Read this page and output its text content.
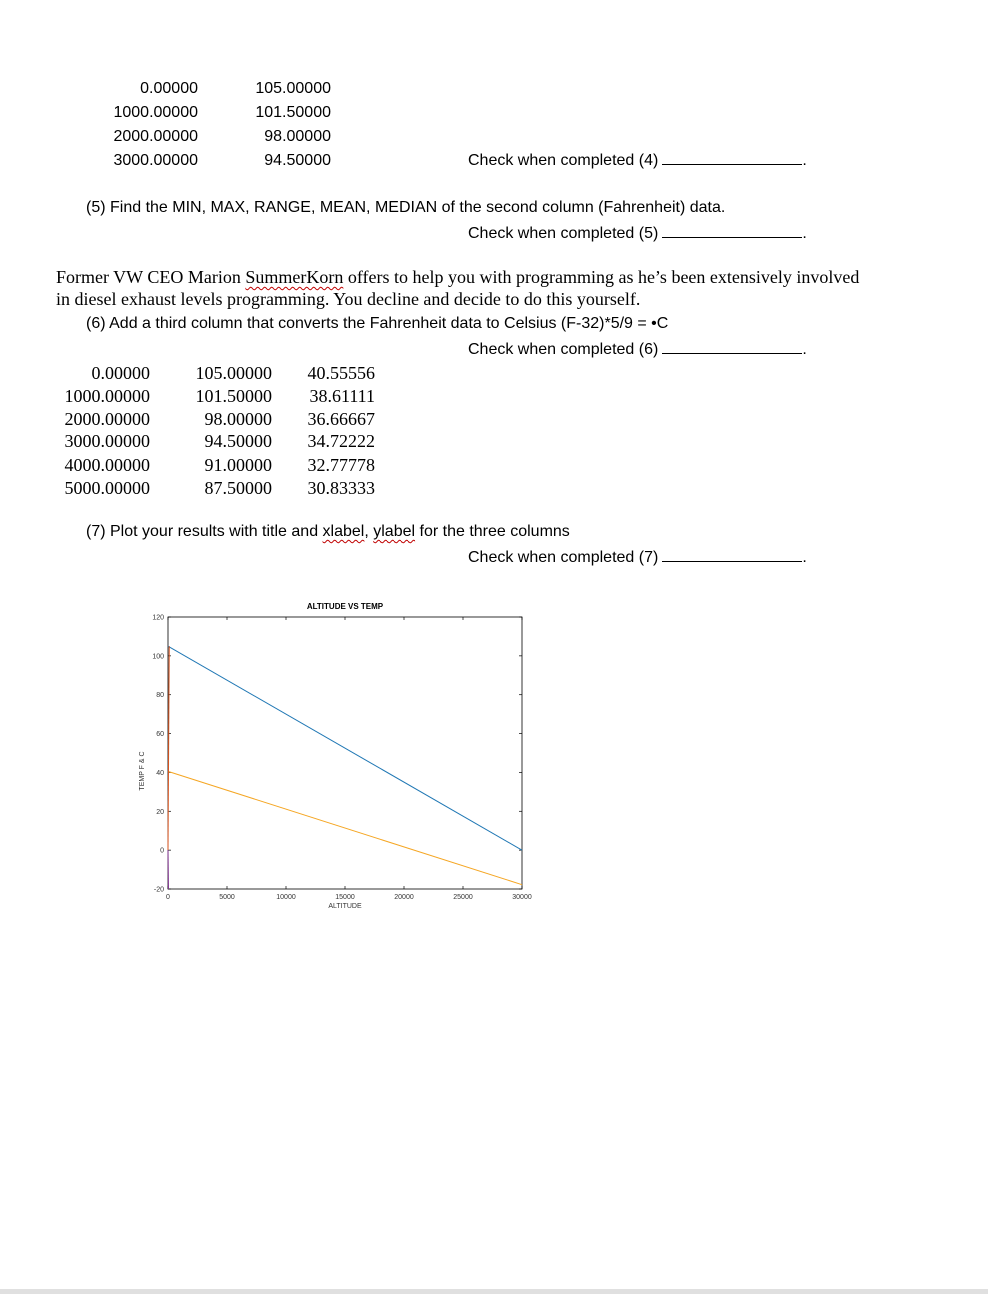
0.00000	105.00000
1000.00000	101.50000
2000.00000	98.00000
3000.00000	94.50000	Check when completed (4)	.
(5) Find the MIN, MAX, RANGE, MEAN, MEDIAN of the second column (Fahrenheit) data.
Check when completed (5)	.
Former VW CEO Marion SummerKorn offers to help you with programming as he’s been extensively involved
in diesel exhaust levels programming. You decline and decide to do this yourself.
(6) Add a third column that converts the Fahrenheit data to Celsius (F-32)*5/9 = •C
Check when completed (6)	.
0.00000	105.00000	40.55556
1000.00000	101.50000	38.61111
2000.00000	98.00000	36.66667
3000.00000	94.50000	34.72222
4000.00000	91.00000	32.77778
5000.00000	87.50000	30.83333
(7) Plot your results with title and xlabel, ylabel for the three columns
Check when completed (7)	.
ALTITUDE VS TEMP
0	5000	10000	15000	20000	25000	30000
120
100
80
60
40
20
0
-20
ALTITUDE
TEMP F & C
